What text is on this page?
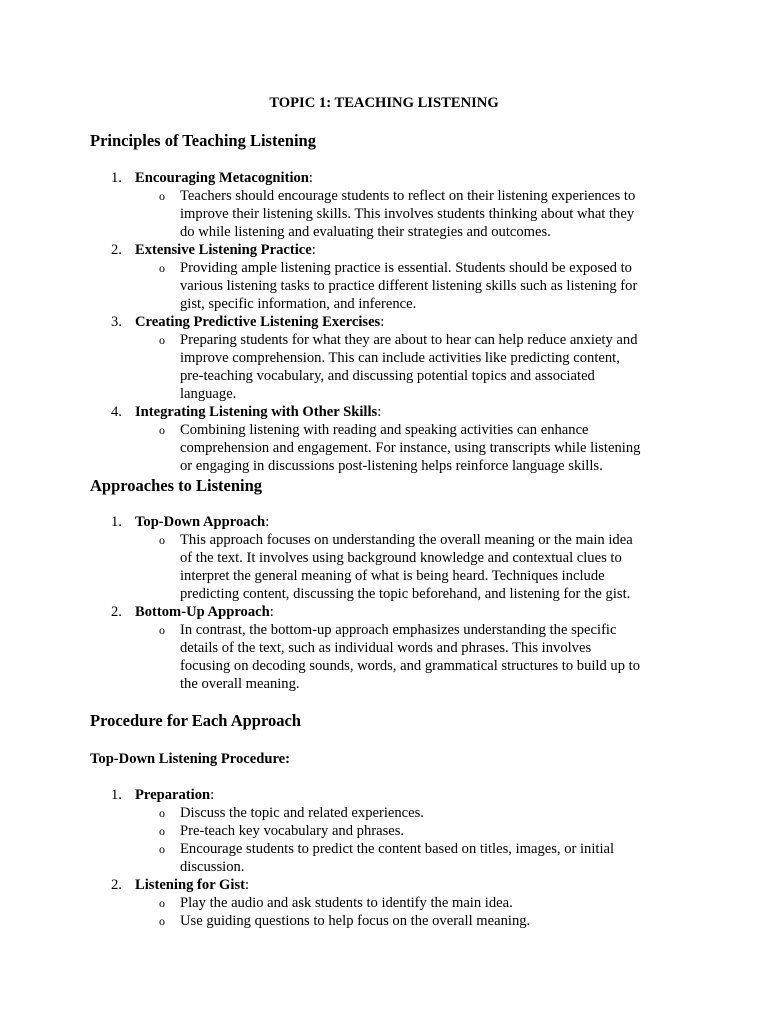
TOPIC 1: TEACHING LISTENING
Principles of Teaching Listening
1. Encouraging Metacognition:
o Teachers should encourage students to reflect on their listening experiences to improve their listening skills. This involves students thinking about what they do while listening and evaluating their strategies and outcomes.
2. Extensive Listening Practice:
o Providing ample listening practice is essential. Students should be exposed to various listening tasks to practice different listening skills such as listening for gist, specific information, and inference.
3. Creating Predictive Listening Exercises:
o Preparing students for what they are about to hear can help reduce anxiety and improve comprehension. This can include activities like predicting content, pre-teaching vocabulary, and discussing potential topics and associated language.
4. Integrating Listening with Other Skills:
o Combining listening with reading and speaking activities can enhance comprehension and engagement. For instance, using transcripts while listening or engaging in discussions post-listening helps reinforce language skills.
Approaches to Listening
1. Top-Down Approach:
o This approach focuses on understanding the overall meaning or the main idea of the text. It involves using background knowledge and contextual clues to interpret the general meaning of what is being heard. Techniques include predicting content, discussing the topic beforehand, and listening for the gist.
2. Bottom-Up Approach:
o In contrast, the bottom-up approach emphasizes understanding the specific details of the text, such as individual words and phrases. This involves focusing on decoding sounds, words, and grammatical structures to build up to the overall meaning.
Procedure for Each Approach
Top-Down Listening Procedure:
1. Preparation:
o Discuss the topic and related experiences.
o Pre-teach key vocabulary and phrases.
o Encourage students to predict the content based on titles, images, or initial discussion.
2. Listening for Gist:
o Play the audio and ask students to identify the main idea.
o Use guiding questions to help focus on the overall meaning.
